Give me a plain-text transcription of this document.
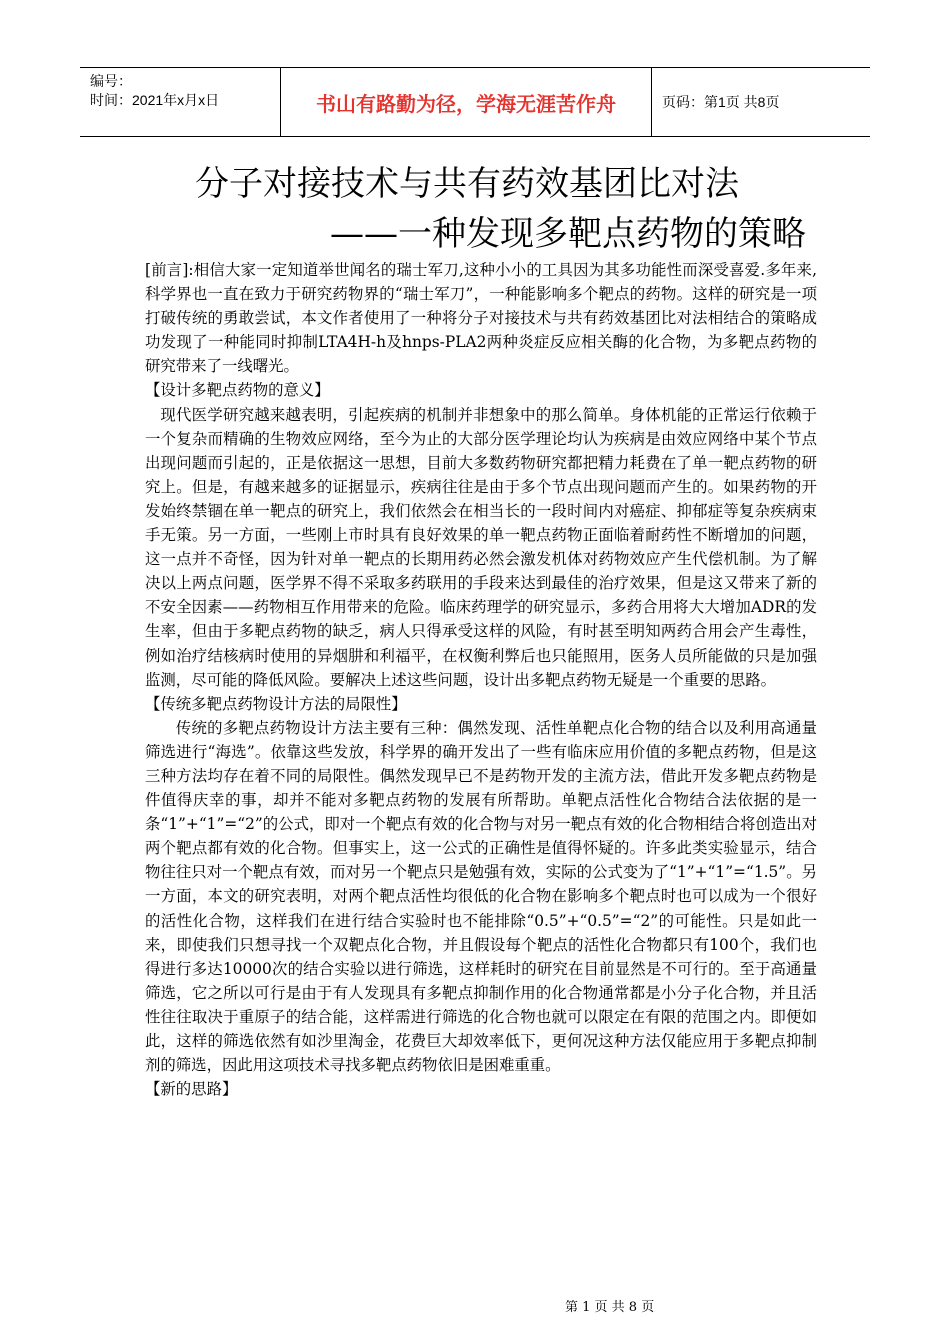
编号：
时间：2021年x月x日	书山有路勤为径，学海无涯苦作舟	页码：第1页 共8页
分子对接技术与共有药效基团比对法
——一种发现多靶点药物的策略

[前言]:相信大家一定知道举世闻名的瑞士军刀,这种小小的工具因为其多功能性而深受喜爱.多年来,科学界也一直在致力于研究药物界的“瑞士军刀”，一种能影响多个靶点的药物。这样的研究是一项打破传统的勇敢尝试，本文作者使用了一种将分子对接技术与共有药效基团比对法相结合的策略成功发现了一种能同时抑制LTA4H-h及hnps-PLA2两种炎症反应相关酶的化合物，为多靶点药物的研究带来了一线曙光。

【设计多靶点药物的意义】

现代医学研究越来越表明，引起疾病的机制并非想象中的那么简单。身体机能的正常运行依赖于一个复杂而精确的生物效应网络，至今为止的大部分医学理论均认为疾病是由效应网络中某个节点出现问题而引起的，正是依据这一思想，目前大多数药物研究都把精力耗费在了单一靶点药物的研究上。但是，有越来越多的证据显示，疾病往往是由于多个节点出现问题而产生的。如果药物的开发始终禁锢在单一靶点的研究上，我们依然会在相当长的一段时间内对癌症、抑郁症等复杂疾病束手无策。另一方面，一些刚上市时具有良好效果的单一靶点药物正面临着耐药性不断增加的问题，这一点并不奇怪，因为针对单一靶点的长期用药必然会激发机体对药物效应产生代偿机制。为了解决以上两点问题，医学界不得不采取多药联用的手段来达到最佳的治疗效果，但是这又带来了新的不安全因素——药物相互作用带来的危险。临床药理学的研究显示，多药合用将大大增加ADR的发生率，但由于多靶点药物的缺乏，病人只得承受这样的风险，有时甚至明知两药合用会产生毒性，例如治疗结核病时使用的异烟肼和利福平，在权衡利弊后也只能照用，医务人员所能做的只是加强监测，尽可能的降低风险。要解决上述这些问题，设计出多靶点药物无疑是一个重要的思路。

【传统多靶点药物设计方法的局限性】

传统的多靶点药物设计方法主要有三种：偶然发现、活性单靶点化合物的结合以及利用高通量筛选进行“海选”。依靠这些发放，科学界的确开发出了一些有临床应用价值的多靶点药物，但是这三种方法均存在着不同的局限性。偶然发现早已不是药物开发的主流方法，借此开发多靶点药物是件值得庆幸的事，却并不能对多靶点药物的发展有所帮助。单靶点活性化合物结合法依据的是一条“1”+“1”=“2”的公式，即对一个靶点有效的化合物与对另一靶点有效的化合物相结合将创造出对两个靶点都有效的化合物。但事实上，这一公式的正确性是值得怀疑的。许多此类实验显示，结合物往往只对一个靶点有效，而对另一个靶点只是勉强有效，实际的公式变为了“1”+“1”=“1.5”。另一方面，本文的研究表明，对两个靶点活性均很低的化合物在影响多个靶点时也可以成为一个很好的活性化合物，这样我们在进行结合实验时也不能排除“0.5”+“0.5”=“2”的可能性。只是如此一来，即使我们只想寻找一个双靶点化合物，并且假设每个靶点的活性化合物都只有100个，我们也得进行多达10000次的结合实验以进行筛选，这样耗时的研究在目前显然是不可行的。至于高通量筛选，它之所以可行是由于有人发现具有多靶点抑制作用的化合物通常都是小分子化合物，并且活性往往取决于重原子的结合能，这样需进行筛选的化合物也就可以限定在有限的范围之内。即便如此，这样的筛选依然有如沙里淘金，花费巨大却效率低下，更何况这种方法仅能应用于多靶点抑制剂的筛选，因此用这项技术寻找多靶点药物依旧是困难重重。

【新的思路】

第 1 页 共 8 页
